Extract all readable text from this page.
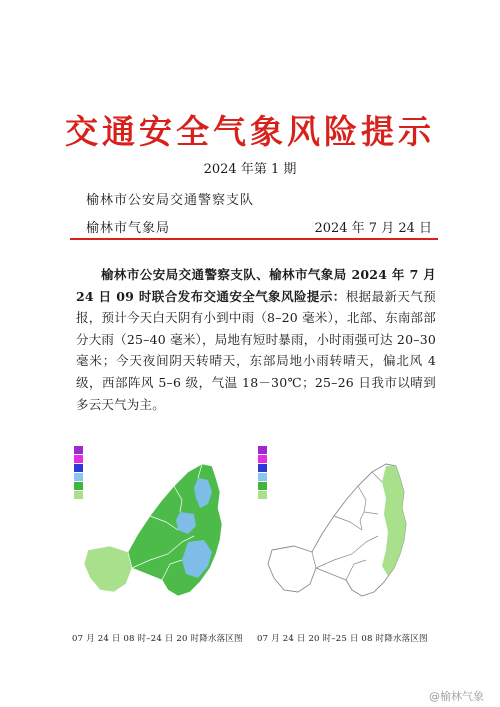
交通安全气象风险提示
2024 年第 1 期
榆林市公安局交通警察支队
榆林市气象局	2024 年 7 月 24 日
榆林市公安局交通警察支队、榆林市气象局 2024 年 7 月 24 日 09 时联合发布交通安全气象风险提示：根据最新天气预报，预计今天白天阴有小到中雨（8–20 毫米），北部、东南部部分大雨（25–40 毫米），局地有短时暴雨，小时雨强可达 20–30 毫米；今天夜间阴天转晴天，东部局地小雨转晴天，偏北风 4 级，西部阵风 5–6 级，气温 18－30℃；25–26 日我市以晴到多云天气为主。
07 月 24 日 08 时–24 日 20 时降水落区图 07 月 24 日 20 时–25 日 08 时降水落区图
@榆林气象
